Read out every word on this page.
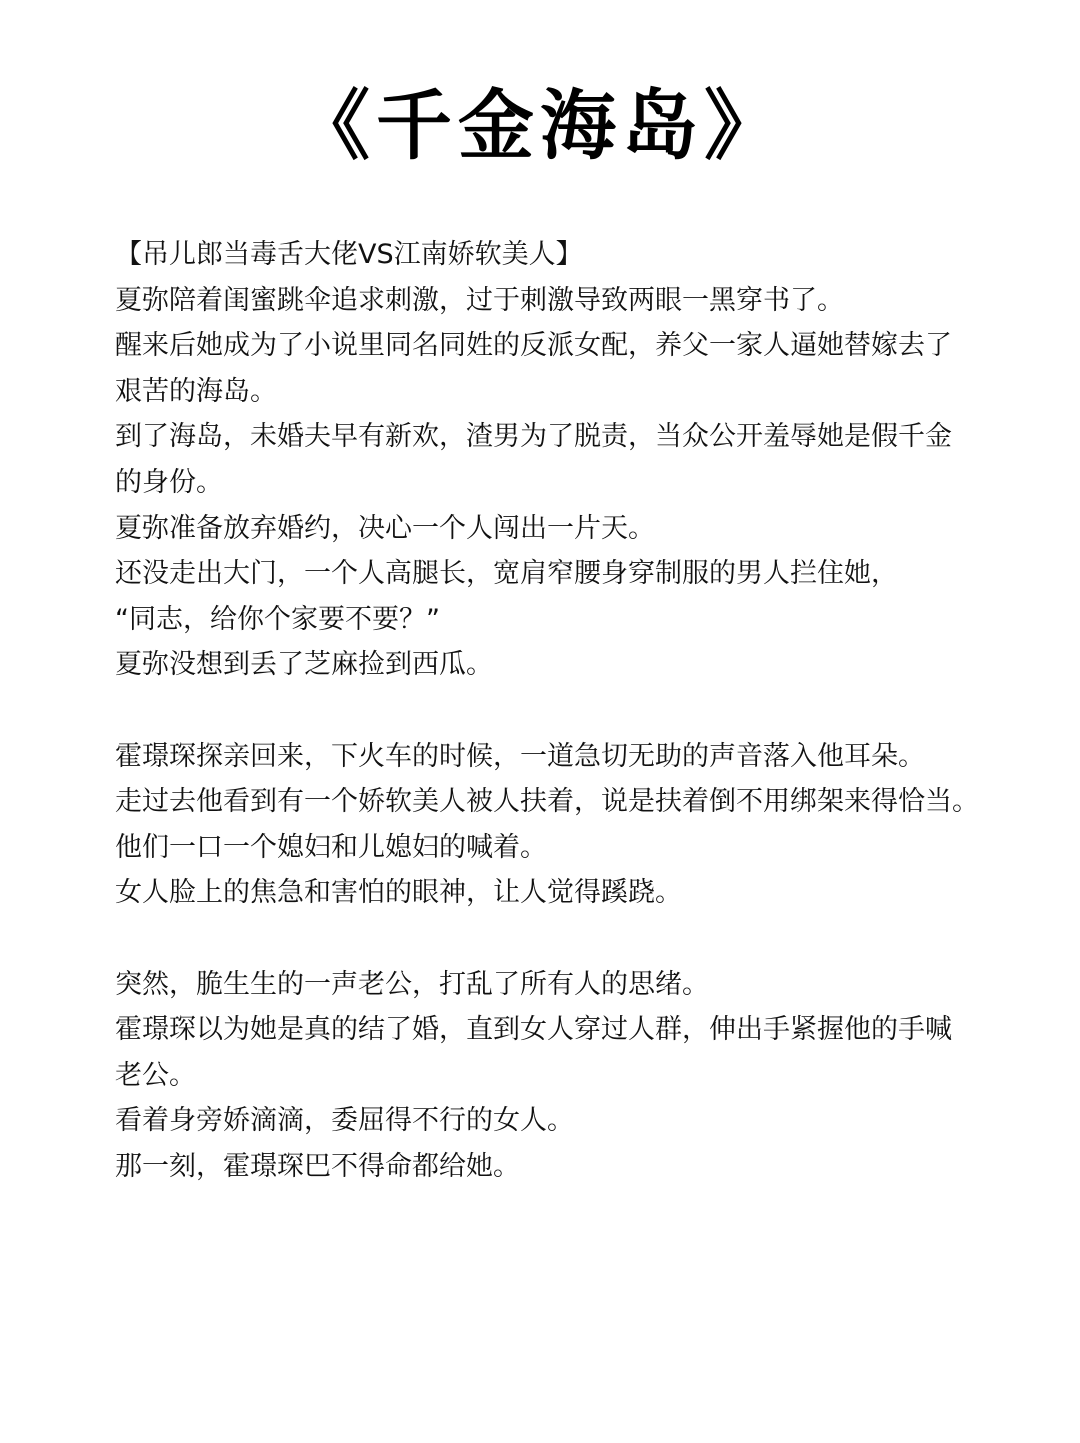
《千金海岛》
【吊儿郎当毒舌大佬VS江南娇软美人】
夏弥陪着闺蜜跳伞追求刺激，过于刺激导致两眼一黑穿书了。
醒来后她成为了小说里同名同姓的反派女配，养父一家人逼她替嫁去了
艰苦的海岛。
到了海岛，未婚夫早有新欢，渣男为了脱责，当众公开羞辱她是假千金
的身份。
夏弥准备放弃婚约，决心一个人闯出一片天。
还没走出大门，一个人高腿长，宽肩窄腰身穿制服的男人拦住她，
“同志，给你个家要不要？”
夏弥没想到丢了芝麻捡到西瓜。
霍璟琛探亲回来，下火车的时候，一道急切无助的声音落入他耳朵。
走过去他看到有一个娇软美人被人扶着，说是扶着倒不用绑架来得恰当。
他们一口一个媳妇和儿媳妇的喊着。
女人脸上的焦急和害怕的眼神，让人觉得蹊跷。
突然，脆生生的一声老公，打乱了所有人的思绪。
霍璟琛以为她是真的结了婚，直到女人穿过人群，伸出手紧握他的手喊
老公。
看着身旁娇滴滴，委屈得不行的女人。
那一刻，霍璟琛巴不得命都给她。
